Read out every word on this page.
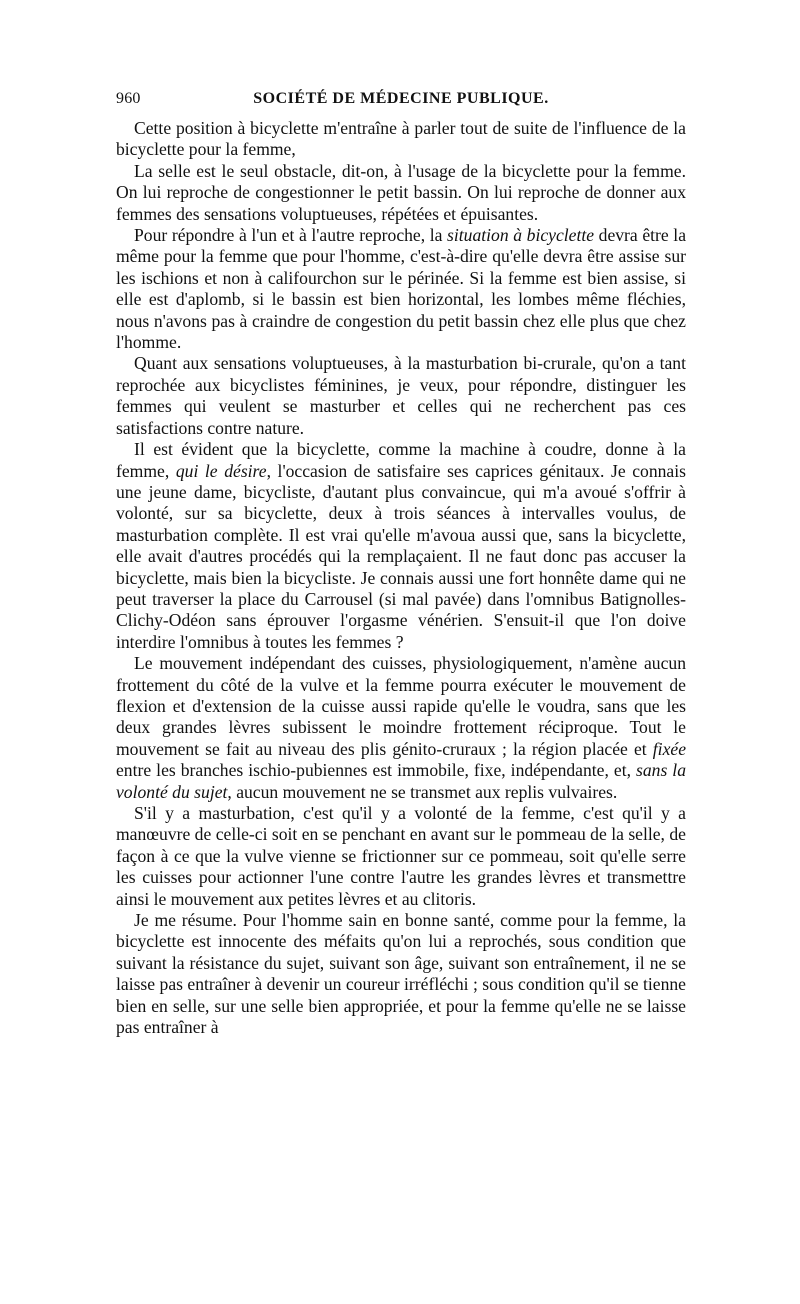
960	SOCIÉTÉ DE MÉDECINE PUBLIQUE.

Cette position à bicyclette m'entraîne à parler tout de suite de l'influence de la bicyclette pour la femme,

La selle est le seul obstacle, dit-on, à l'usage de la bicyclette pour la femme. On lui reproche de congestionner le petit bassin. On lui reproche de donner aux femmes des sensations voluptueuses, répétées et épuisantes.

Pour répondre à l'un et à l'autre reproche, la situation à bicyclette devra être la même pour la femme que pour l'homme, c'est-à-dire qu'elle devra être assise sur les ischions et non à califourchon sur le périnée. Si la femme est bien assise, si elle est d'aplomb, si le bassin est bien horizontal, les lombes même fléchies, nous n'avons pas à craindre de congestion du petit bassin chez elle plus que chez l'homme.

Quant aux sensations voluptueuses, à la masturbation bi-crurale, qu'on a tant reprochée aux bicyclistes féminines, je veux, pour répondre, distinguer les femmes qui veulent se masturber et celles qui ne recherchent pas ces satisfactions contre nature.

Il est évident que la bicyclette, comme la machine à coudre, donne à la femme, qui le désire, l'occasion de satisfaire ses caprices génitaux. Je connais une jeune dame, bicycliste, d'autant plus convaincue, qui m'a avoué s'offrir à volonté, sur sa bicyclette, deux à trois séances à intervalles voulus, de masturbation complète. Il est vrai qu'elle m'avoua aussi que, sans la bicyclette, elle avait d'autres procédés qui la remplaçaient. Il ne faut donc pas accuser la bicyclette, mais bien la bicycliste. Je connais aussi une fort honnête dame qui ne peut traverser la place du Carrousel (si mal pavée) dans l'omnibus Batignolles-Clichy-Odéon sans éprouver l'orgasme vénérien. S'ensuit-il que l'on doive interdire l'omnibus à toutes les femmes ?

Le mouvement indépendant des cuisses, physiologiquement, n'amène aucun frottement du côté de la vulve et la femme pourra exécuter le mouvement de flexion et d'extension de la cuisse aussi rapide qu'elle le voudra, sans que les deux grandes lèvres subissent le moindre frottement réciproque. Tout le mouvement se fait au niveau des plis génito-cruraux ; la région placée et fixée entre les branches ischio-pubiennes est immobile, fixe, indépendante, et, sans la volonté du sujet, aucun mouvement ne se transmet aux replis vulvaires.

S'il y a masturbation, c'est qu'il y a volonté de la femme, c'est qu'il y a manœuvre de celle-ci soit en se penchant en avant sur le pommeau de la selle, de façon à ce que la vulve vienne se frictionner sur ce pommeau, soit qu'elle serre les cuisses pour actionner l'une contre l'autre les grandes lèvres et transmettre ainsi le mouvement aux petites lèvres et au clitoris.

Je me résume. Pour l'homme sain en bonne santé, comme pour la femme, la bicyclette est innocente des méfaits qu'on lui a reprochés, sous condition que suivant la résistance du sujet, suivant son âge, suivant son entraînement, il ne se laisse pas entraîner à devenir un coureur irréfléchi ; sous condition qu'il se tienne bien en selle, sur une selle bien appropriée, et pour la femme qu'elle ne se laisse pas entraîner à
